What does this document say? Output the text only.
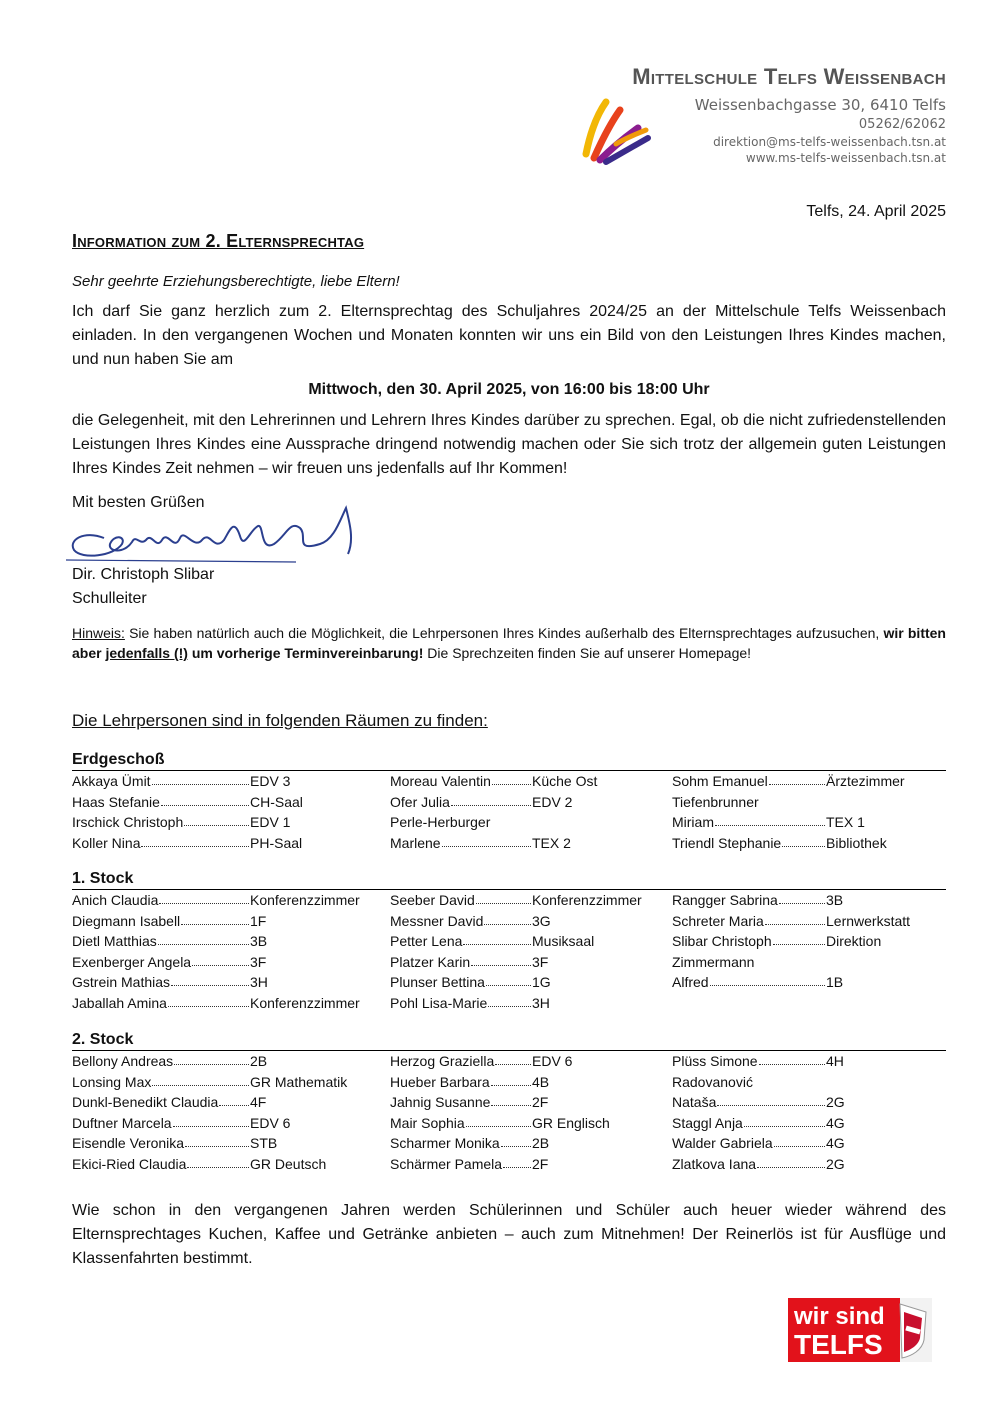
Mittelschule Telfs Weissenbach
Weissenbachgasse 30, 6410 Telfs
05262/62062
direktion@ms-telfs-weissenbach.tsn.at
www.ms-telfs-weissenbach.tsn.at
Telfs, 24. April 2025
Information zum 2. Elternsprechtag
Sehr geehrte Erziehungsberechtigte, liebe Eltern!
Ich darf Sie ganz herzlich zum 2. Elternsprechtag des Schuljahres 2024/25 an der Mittelschule Telfs Weissenbach einladen. In den vergangenen Wochen und Monaten konnten wir uns ein Bild von den Leistungen Ihres Kindes machen, und nun haben Sie am
Mittwoch, den 30. April 2025, von 16:00 bis 18:00 Uhr
die Gelegenheit, mit den Lehrerinnen und Lehrern Ihres Kindes darüber zu sprechen. Egal, ob die nicht zufriedenstellenden Leistungen Ihres Kindes eine Aussprache dringend notwendig machen oder Sie sich trotz der allgemein guten Leistungen Ihres Kindes Zeit nehmen – wir freuen uns jedenfalls auf Ihr Kommen!
Mit besten Grüßen
Dir. Christoph Slibar
Schulleiter
Hinweis: Sie haben natürlich auch die Möglichkeit, die Lehrpersonen Ihres Kindes außerhalb des Elternsprechtages aufzusuchen, wir bitten aber jedenfalls (!) um vorherige Terminvereinbarung! Die Sprechzeiten finden Sie auf unserer Homepage!
Die Lehrpersonen sind in folgenden Räumen zu finden:
Erdgeschoß
Akkaya Ümit	EDV 3
Haas Stefanie	CH-Saal
Irschick Christoph	EDV 1
Koller Nina	PH-Saal
Moreau Valentin	Küche Ost
Ofer Julia	EDV 2
Perle-Herburger
Marlene	TEX 2
Sohm Emanuel	Ärztezimmer
Tiefenbrunner
Miriam	TEX 1
Triendl Stephanie	Bibliothek
1. Stock
Anich Claudia	Konferenzzimmer
Diegmann Isabell	1F
Dietl Matthias	3B
Exenberger Angela	3F
Gstrein Mathias	3H
Jaballah Amina	Konferenzzimmer
Seeber David	Konferenzzimmer
Messner David	3G
Petter Lena	Musiksaal
Platzer Karin	3F
Plunser Bettina	1G
Pohl Lisa-Marie	3H
Rangger Sabrina	3B
Schreter Maria	Lernwerkstatt
Slibar Christoph	Direktion
Zimmermann
Alfred	1B
2. Stock
Bellony Andreas	2B
Lonsing Max	GR Mathematik
Dunkl-Benedikt Claudia 4F
Duftner Marcela	EDV 6
Eisendle Veronika	STB
Ekici-Ried Claudia	GR Deutsch
Herzog Graziella	EDV 6
Hueber Barbara	4B
Jahnig Susanne	2F
Mair Sophia	GR Englisch
Scharmer Monika 2B
Schärmer Pamela 2F
Plüss Simone	4H
Radovanović
Nataša	2G
Staggl Anja	4G
Walder Gabriela	4G
Zlatkova Iana	2G
Wie schon in den vergangenen Jahren werden Schülerinnen und Schüler auch heuer wieder während des Elternsprechtages Kuchen, Kaffee und Getränke anbieten – auch zum Mitnehmen! Der Reinerlös ist für Ausflüge und Klassenfahrten bestimmt.
wir sind
TELFS
